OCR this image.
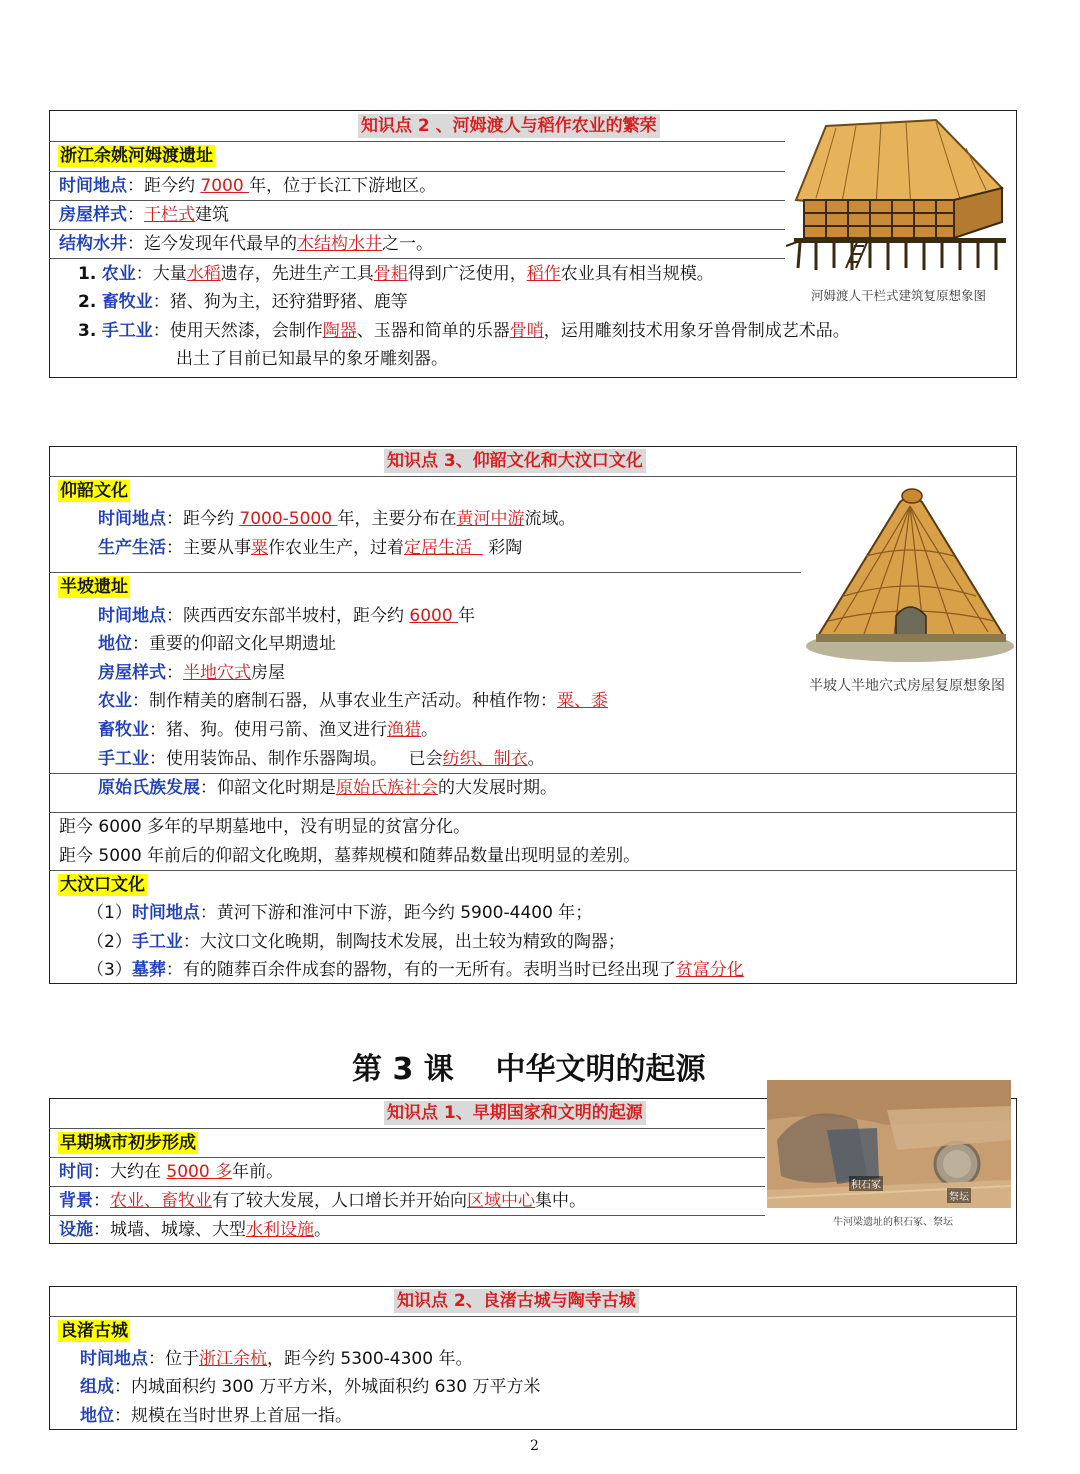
知识点 2 、河姆渡人与稻作农业的繁荣
浙江余姚河姆渡遗址
时间地点：距今约 7000 年，位于长江下游地区。
房屋样式：干栏式建筑
结构水井：迄今发现年代最早的木结构水井之一。
1. 农业：大量水稻遗存，先进生产工具骨耜得到广泛使用，稻作农业具有相当规模。
2. 畜牧业：猪、狗为主，还狩猎野猪、鹿等
3. 手工业：使用天然漆，会制作陶器、玉器和简单的乐器骨哨，运用雕刻技术用象牙兽骨制成艺术品。
出土了目前已知最早的象牙雕刻器。
河姆渡人干栏式建筑复原想象图
知识点 3、仰韶文化和大汶口文化
仰韶文化
时间地点：距今约 7000-5000 年，主要分布在黄河中游流域。
生产生活：主要从事粟作农业生产，过着定居生活   彩陶
半坡遗址
时间地点：陕西西安东部半坡村，距今约 6000 年
地位：重要的仰韶文化早期遗址
房屋样式：半地穴式房屋
农业：制作精美的磨制石器，从事农业生产活动。种植作物：粟、黍
畜牧业：猪、狗。使用弓箭、渔叉进行渔猎。
手工业：使用装饰品、制作乐器陶埙。    已会纺织、制衣。
原始氏族发展：仰韶文化时期是原始氏族社会的大发展时期。
半坡人半地穴式房屋复原想象图
距今 6000 多年的早期墓地中，没有明显的贫富分化。
距今 5000 年前后的仰韶文化晚期，墓葬规模和随葬品数量出现明显的差别。
大汶口文化
（1）时间地点：黄河下游和淮河中下游，距今约 5900-4400 年；
（2）手工业：大汶口文化晚期，制陶技术发展，出土较为精致的陶器；
（3）墓葬：有的随葬百余件成套的器物，有的一无所有。表明当时已经出现了贫富分化
第 3 课    中华文明的起源
知识点 1、早期国家和文明的起源
早期城市初步形成
时间：大约在 5000 多年前。
背景：农业、畜牧业有了较大发展，人口增长并开始向区域中心集中。
设施：城墙、城壕、大型水利设施。
积石冢
祭坛
牛河梁遗址的积石冢、祭坛
知识点 2、良渚古城与陶寺古城
良渚古城
时间地点：位于浙江余杭，距今约 5300-4300 年。
组成：内城面积约 300 万平方米，外城面积约 630 万平方米
地位：规模在当时世界上首屈一指。
2
